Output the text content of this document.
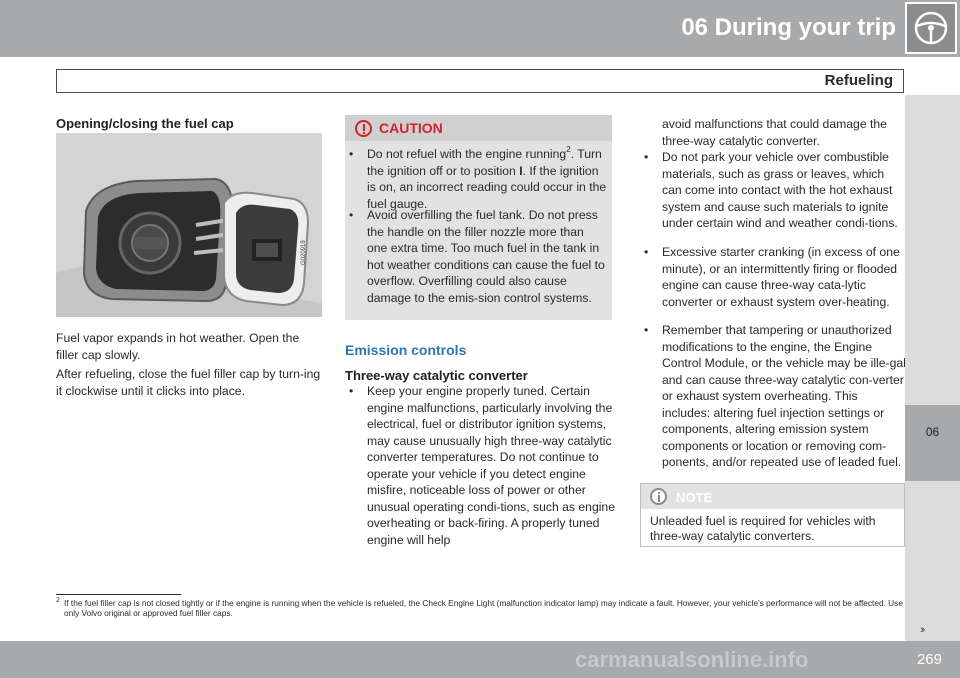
06 During your trip
Refueling
06
Opening/closing the fuel cap
G020918
Fuel vapor expands in hot weather. Open the filler cap slowly.
After refueling, close the fuel filler cap by turn-ing it clockwise until it clicks into place.
CAUTION
• Do not refuel with the engine running$^2$. Turn the ignition off or to position I. If the ignition is on, an incorrect reading could occur in the fuel gauge.
• Avoid overfilling the fuel tank. Do not press the handle on the filler nozzle more than one extra time. Too much fuel in the tank in hot weather conditions can cause the fuel to overflow. Overfilling could also cause damage to the emis-sion control systems.
Emission controls
Three-way catalytic converter
• Keep your engine properly tuned. Certain engine malfunctions, particularly involving the electrical, fuel or distributor ignition systems, may cause unusually high three-way catalytic converter temperatures. Do not continue to operate your vehicle if you detect engine misfire, noticeable loss of power or other unusual operating condi-tions, such as engine overheating or back-firing. A properly tuned engine will help
avoid malfunctions that could damage the three-way catalytic converter.
• Do not park your vehicle over combustible materials, such as grass or leaves, which can come into contact with the hot exhaust system and cause such materials to ignite under certain wind and weather condi-tions.
• Excessive starter cranking (in excess of one minute), or an intermittently firing or flooded engine can cause three-way cata-lytic converter or exhaust system over-heating.
• Remember that tampering or unauthorized modifications to the engine, the Engine Control Module, or the vehicle may be ille-gal and can cause three-way catalytic con-verter or exhaust system overheating. This includes: altering fuel injection settings or components, altering emission system components or location or removing com-ponents, and/or repeated use of leaded fuel.
NOTE
Unleaded fuel is required for vehicles with three-way catalytic converters.
2 If the fuel filler cap is not closed tightly or if the engine is running when the vehicle is refueled, the Check Engine Light (malfunction indicator lamp) may indicate a fault. However, your vehicle's performance will not be affected. Use only Volvo original or approved fuel filler caps.
››
carmanualsonline.info	269
